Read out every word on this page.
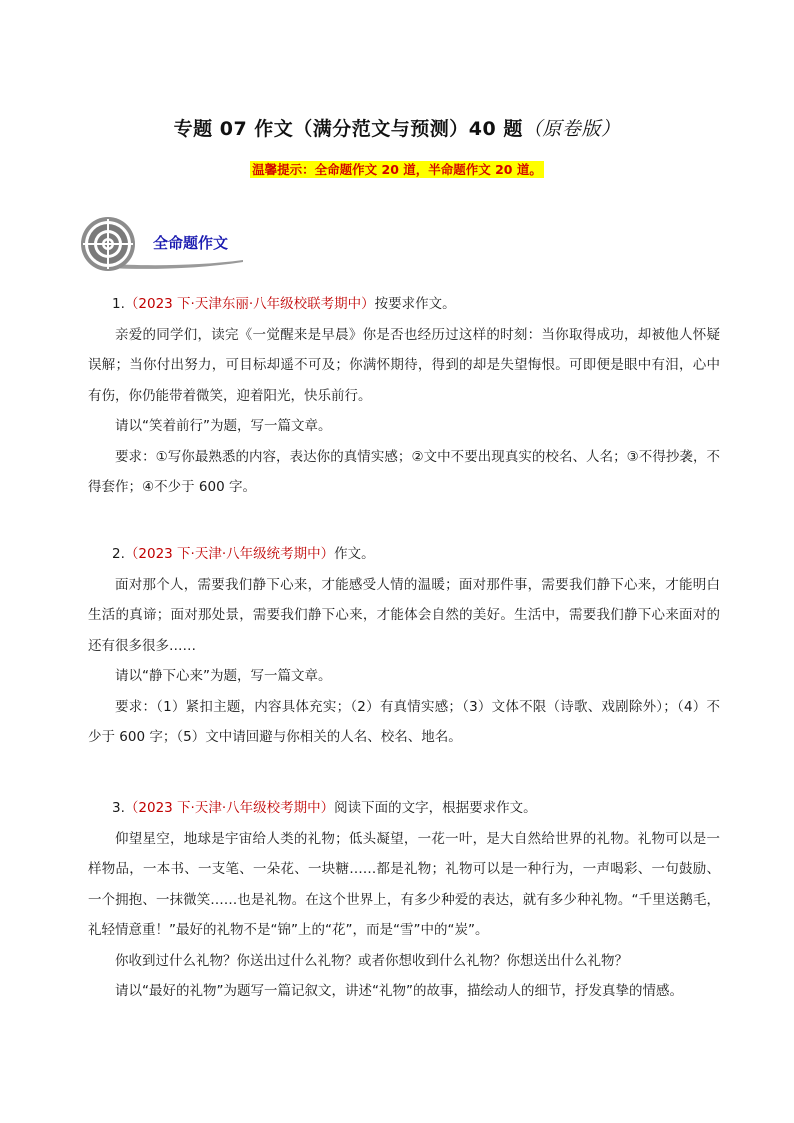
专题 07 作文（满分范文与预测）40 题（原卷版）
温馨提示：全命题作文 20 道，半命题作文 20 道。
全命题作文

1.（2023 下·天津东丽·八年级校联考期中）按要求作文。

亲爱的同学们，读完《一觉醒来是早晨》你是否也经历过这样的时刻：当你取得成功，却被他人怀疑误解；当你付出努力，可目标却遥不可及；你满怀期待，得到的却是失望悔恨。可即便是眼中有泪，心中有伤，你仍能带着微笑，迎着阳光，快乐前行。

请以“笑着前行”为题，写一篇文章。

要求：①写你最熟悉的内容，表达你的真情实感；②文中不要出现真实的校名、人名；③不得抄袭，不得套作；④不少于 600 字。

2.（2023 下·天津·八年级统考期中）作文。

面对那个人，需要我们静下心来，才能感受人情的温暖；面对那件事，需要我们静下心来，才能明白生活的真谛；面对那处景，需要我们静下心来，才能体会自然的美好。生活中，需要我们静下心来面对的还有很多很多……

请以“静下心来”为题，写一篇文章。

要求：（1）紧扣主题，内容具体充实；（2）有真情实感；（3）文体不限（诗歌、戏剧除外）；（4）不少于 600 字；（5）文中请回避与你相关的人名、校名、地名。

3.（2023 下·天津·八年级校考期中）阅读下面的文字，根据要求作文。

仰望星空，地球是宇宙给人类的礼物；低头凝望，一花一叶，是大自然给世界的礼物。礼物可以是一样物品，一本书、一支笔、一朵花、一块糖……都是礼物；礼物可以是一种行为，一声喝彩、一句鼓励、一个拥抱、一抹微笑……也是礼物。在这个世界上，有多少种爱的表达，就有多少种礼物。“千里送鹅毛，礼轻情意重！”最好的礼物不是“锦”上的“花”，而是“雪”中的“炭”。

你收到过什么礼物？你送出过什么礼物？或者你想收到什么礼物？你想送出什么礼物？

请以“最好的礼物”为题写一篇记叙文，讲述“礼物”的故事，描绘动人的细节，抒发真挚的情感。
